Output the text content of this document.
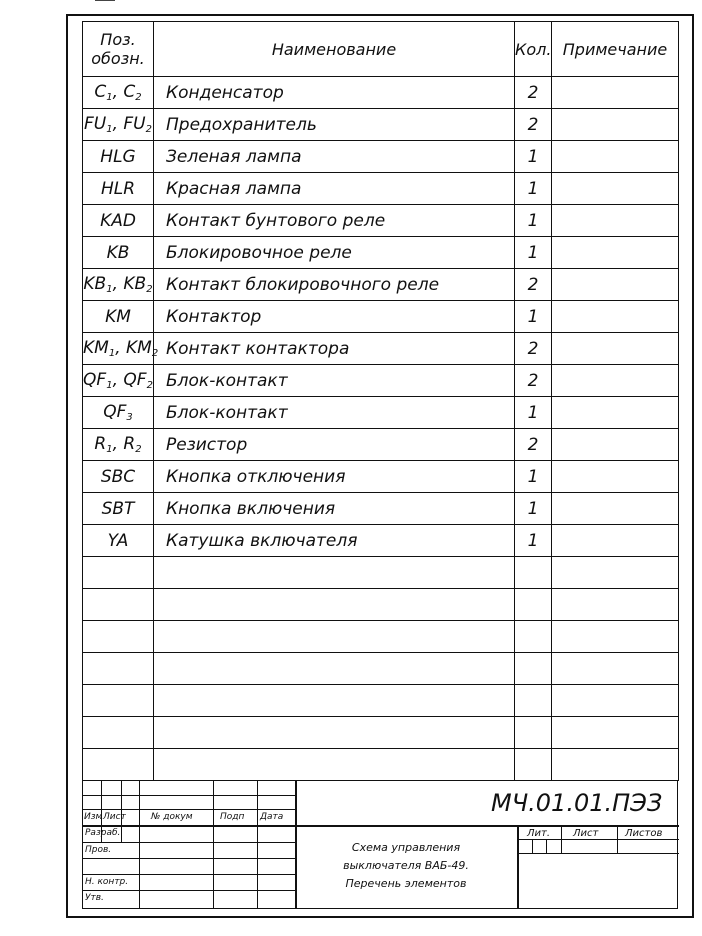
Поз.
обозн.	Наименование	Кол.	Примечание
$C_1$, $C_2$	Конденсатор	2	
$FU_1$, $FU_2$	Предохранитель	2	
HLG	Зеленая лампа	1	
HLR	Красная лампа	1	
KAD	Контакт бунтового реле	1	
KB	Блокировочное реле	1	
$KB_1$, $KB_2$	Контакт блокировочного реле	2	
KM	Контактор	1	
$KM_1$, $KM_2$	Контакт контактора	2	
$QF_1$, $QF_2$	Блок-контакт	2	
$QF_3$	Блок-контакт	1	
$R_1$, $R_2$	Резистор	2	
SBC	Кнопка отключения	1	
SBT	Кнопка включения	1	
YA	Катушка включателя	1	

МЧ.01.01.ПЭЗ
Изм Лист	№ докум	Подп Дата
Разраб.
Пров.
Н. контр.
Утв.
Схема управления
выключателя ВАБ-49.
Перечень элементов
Лит. Лист	Листов
